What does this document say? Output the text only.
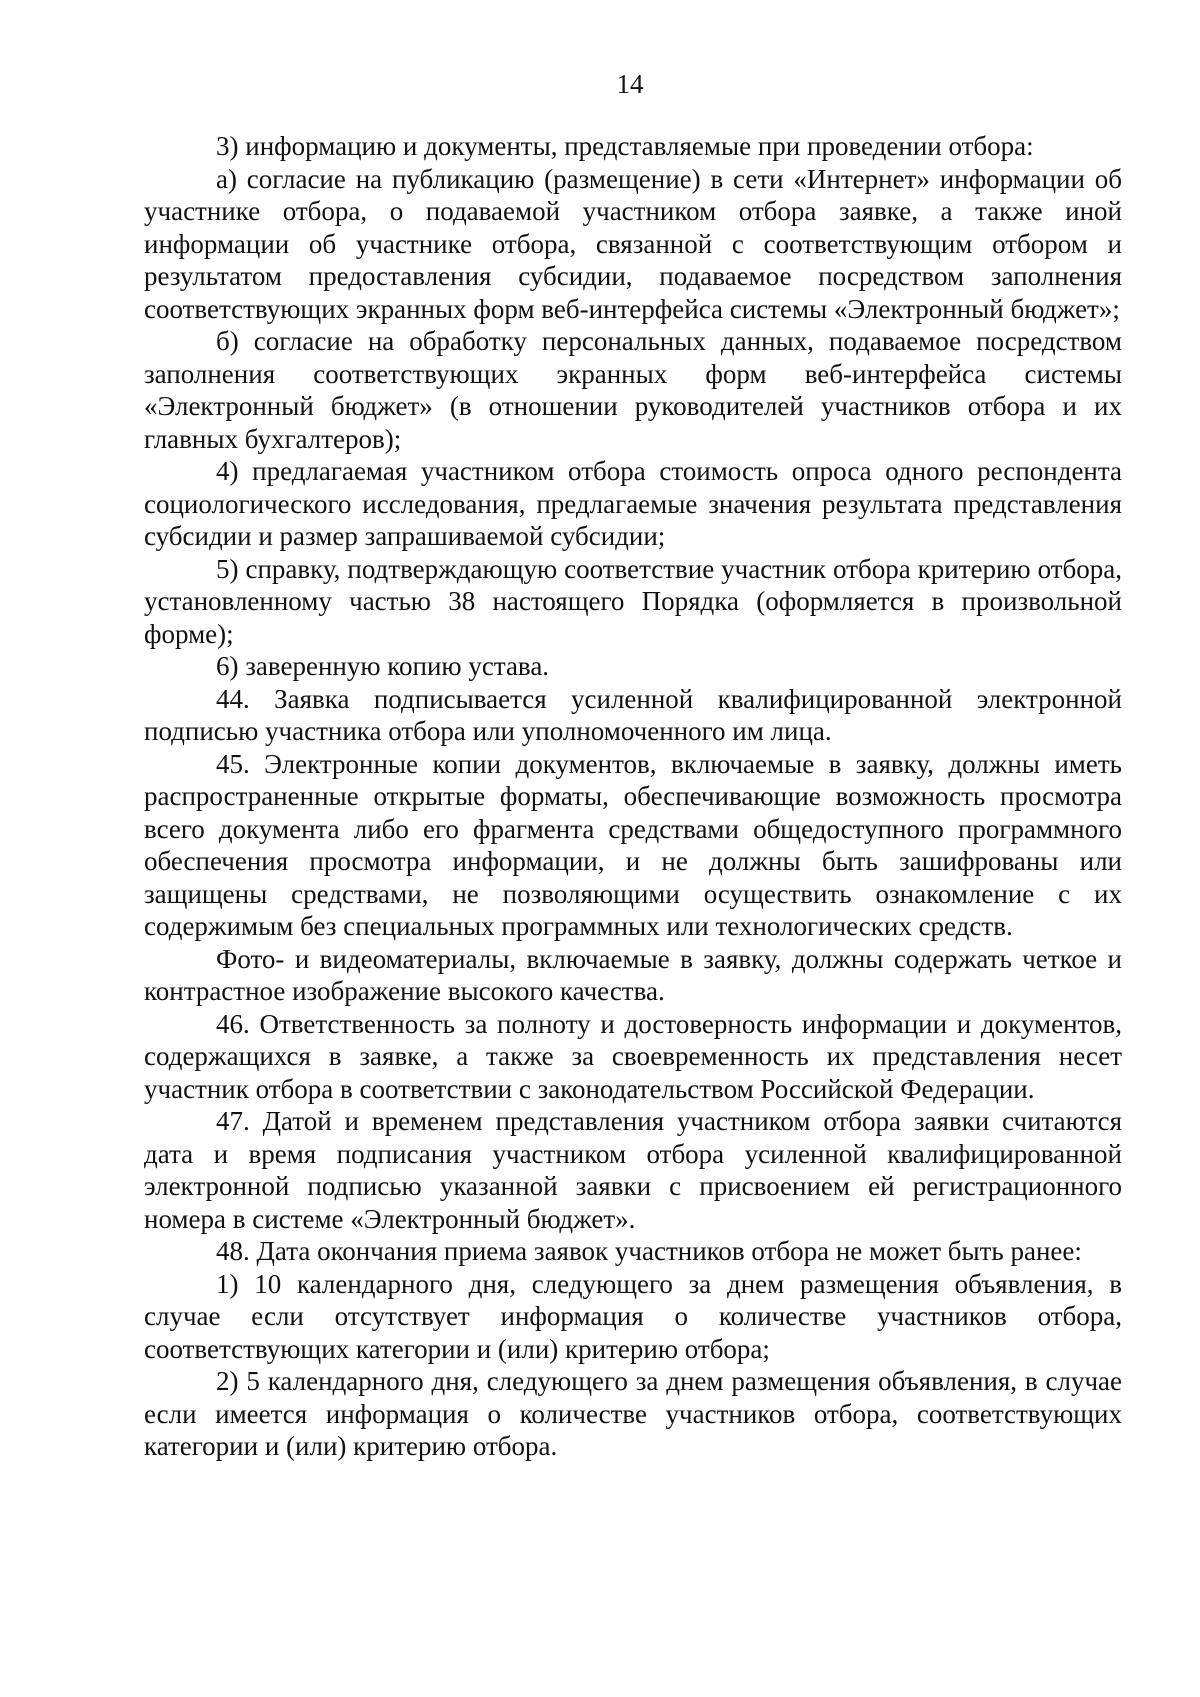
14

3) информацию и документы, представляемые при проведении отбора:

а) согласие на публикацию (размещение) в сети «Интернет» информации об участнике отбора, о подаваемой участником отбора заявке, а также иной информации об участнике отбора, связанной с соответствующим отбором и результатом предоставления субсидии, подаваемое посредством заполнения соответствующих экранных форм веб-интерфейса системы «Электронный бюджет»;

б) согласие на обработку персональных данных, подаваемое посредством заполнения соответствующих экранных форм веб-интерфейса системы «Электронный бюджет» (в отношении руководителей участников отбора и их главных бухгалтеров);

4) предлагаемая участником отбора стоимость опроса одного респондента социологического исследования, предлагаемые значения результата представления субсидии и размер запрашиваемой субсидии;

5) справку, подтверждающую соответствие участник отбора критерию отбора, установленному частью 38 настоящего Порядка (оформляется в произвольной форме);

6) заверенную копию устава.

44. Заявка подписывается усиленной квалифицированной электронной подписью участника отбора или уполномоченного им лица.

45. Электронные копии документов, включаемые в заявку, должны иметь распространенные открытые форматы, обеспечивающие возможность просмотра всего документа либо его фрагмента средствами общедоступного программного обеспечения просмотра информации, и не должны быть зашифрованы или защищены средствами, не позволяющими осуществить ознакомление с их содержимым без специальных программных или технологических средств.

Фото- и видеоматериалы, включаемые в заявку, должны содержать четкое и контрастное изображение высокого качества.

46. Ответственность за полноту и достоверность информации и документов, содержащихся в заявке, а также за своевременность их представления несет участник отбора в соответствии с законодательством Российской Федерации.

47. Датой и временем представления участником отбора заявки считаются дата и время подписания участником отбора усиленной квалифицированной электронной подписью указанной заявки с присвоением ей регистрационного номера в системе «Электронный бюджет».

48. Дата окончания приема заявок участников отбора не может быть ранее:

1) 10 календарного дня, следующего за днем размещения объявления, в случае если отсутствует информация о количестве участников отбора, соответствующих категории и (или) критерию отбора;

2) 5 календарного дня, следующего за днем размещения объявления, в случае если имеется информация о количестве участников отбора, соответствующих категории и (или) критерию отбора.
